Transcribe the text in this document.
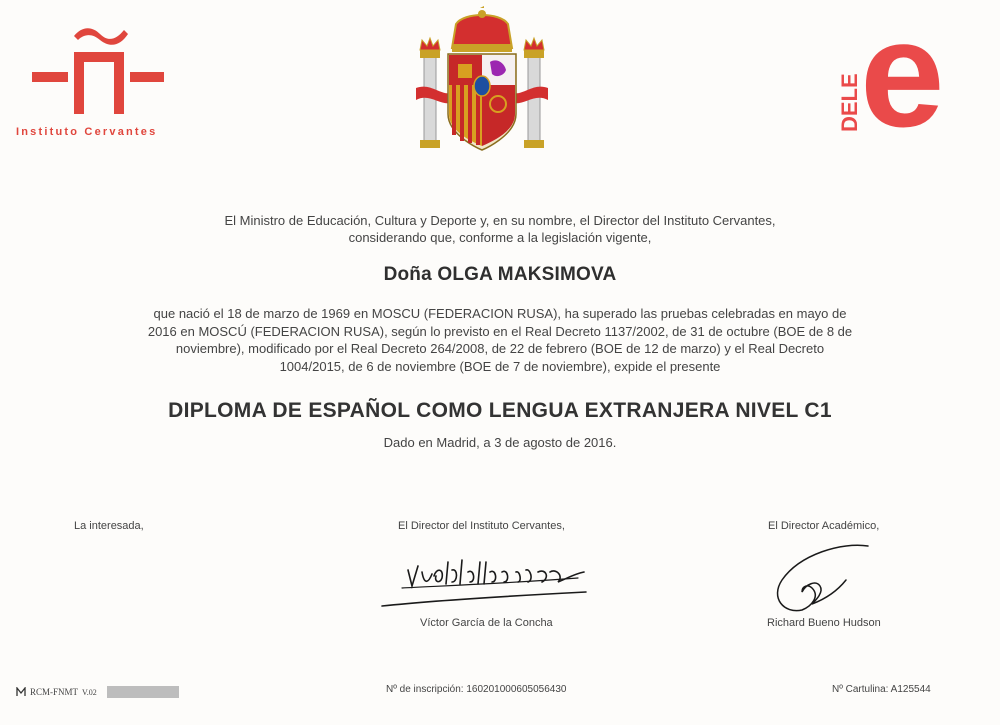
Instituto Cervantes	DELE
e
El Ministro de Educación, Cultura y Deporte y, en su nombre, el Director del Instituto Cervantes,
considerando que, conforme a la legislación vigente,
Doña OLGA MAKSIMOVA
que nació el 18 de marzo de 1969 en MOSCU (FEDERACION RUSA), ha superado las pruebas celebradas en mayo de
2016 en MOSCÚ (FEDERACION RUSA), según lo previsto en el Real Decreto 1137/2002, de 31 de octubre (BOE de 8 de
noviembre), modificado por el Real Decreto 264/2008, de 22 de febrero (BOE de 12 de marzo) y el Real Decreto
1004/2015, de 6 de noviembre (BOE de 7 de noviembre), expide el presente
DIPLOMA DE ESPAÑOL COMO LENGUA EXTRANJERA NIVEL C1
Dado en Madrid, a 3 de agosto de 2016.
La interesada,	El Director del Instituto Cervantes,
Víctor García de la Concha
El Director Académico,
Richard Bueno Hudson
RCM-FNMT V.02	Nº de inscripción: 160201000605056430	Nº Cartulina: A125544
